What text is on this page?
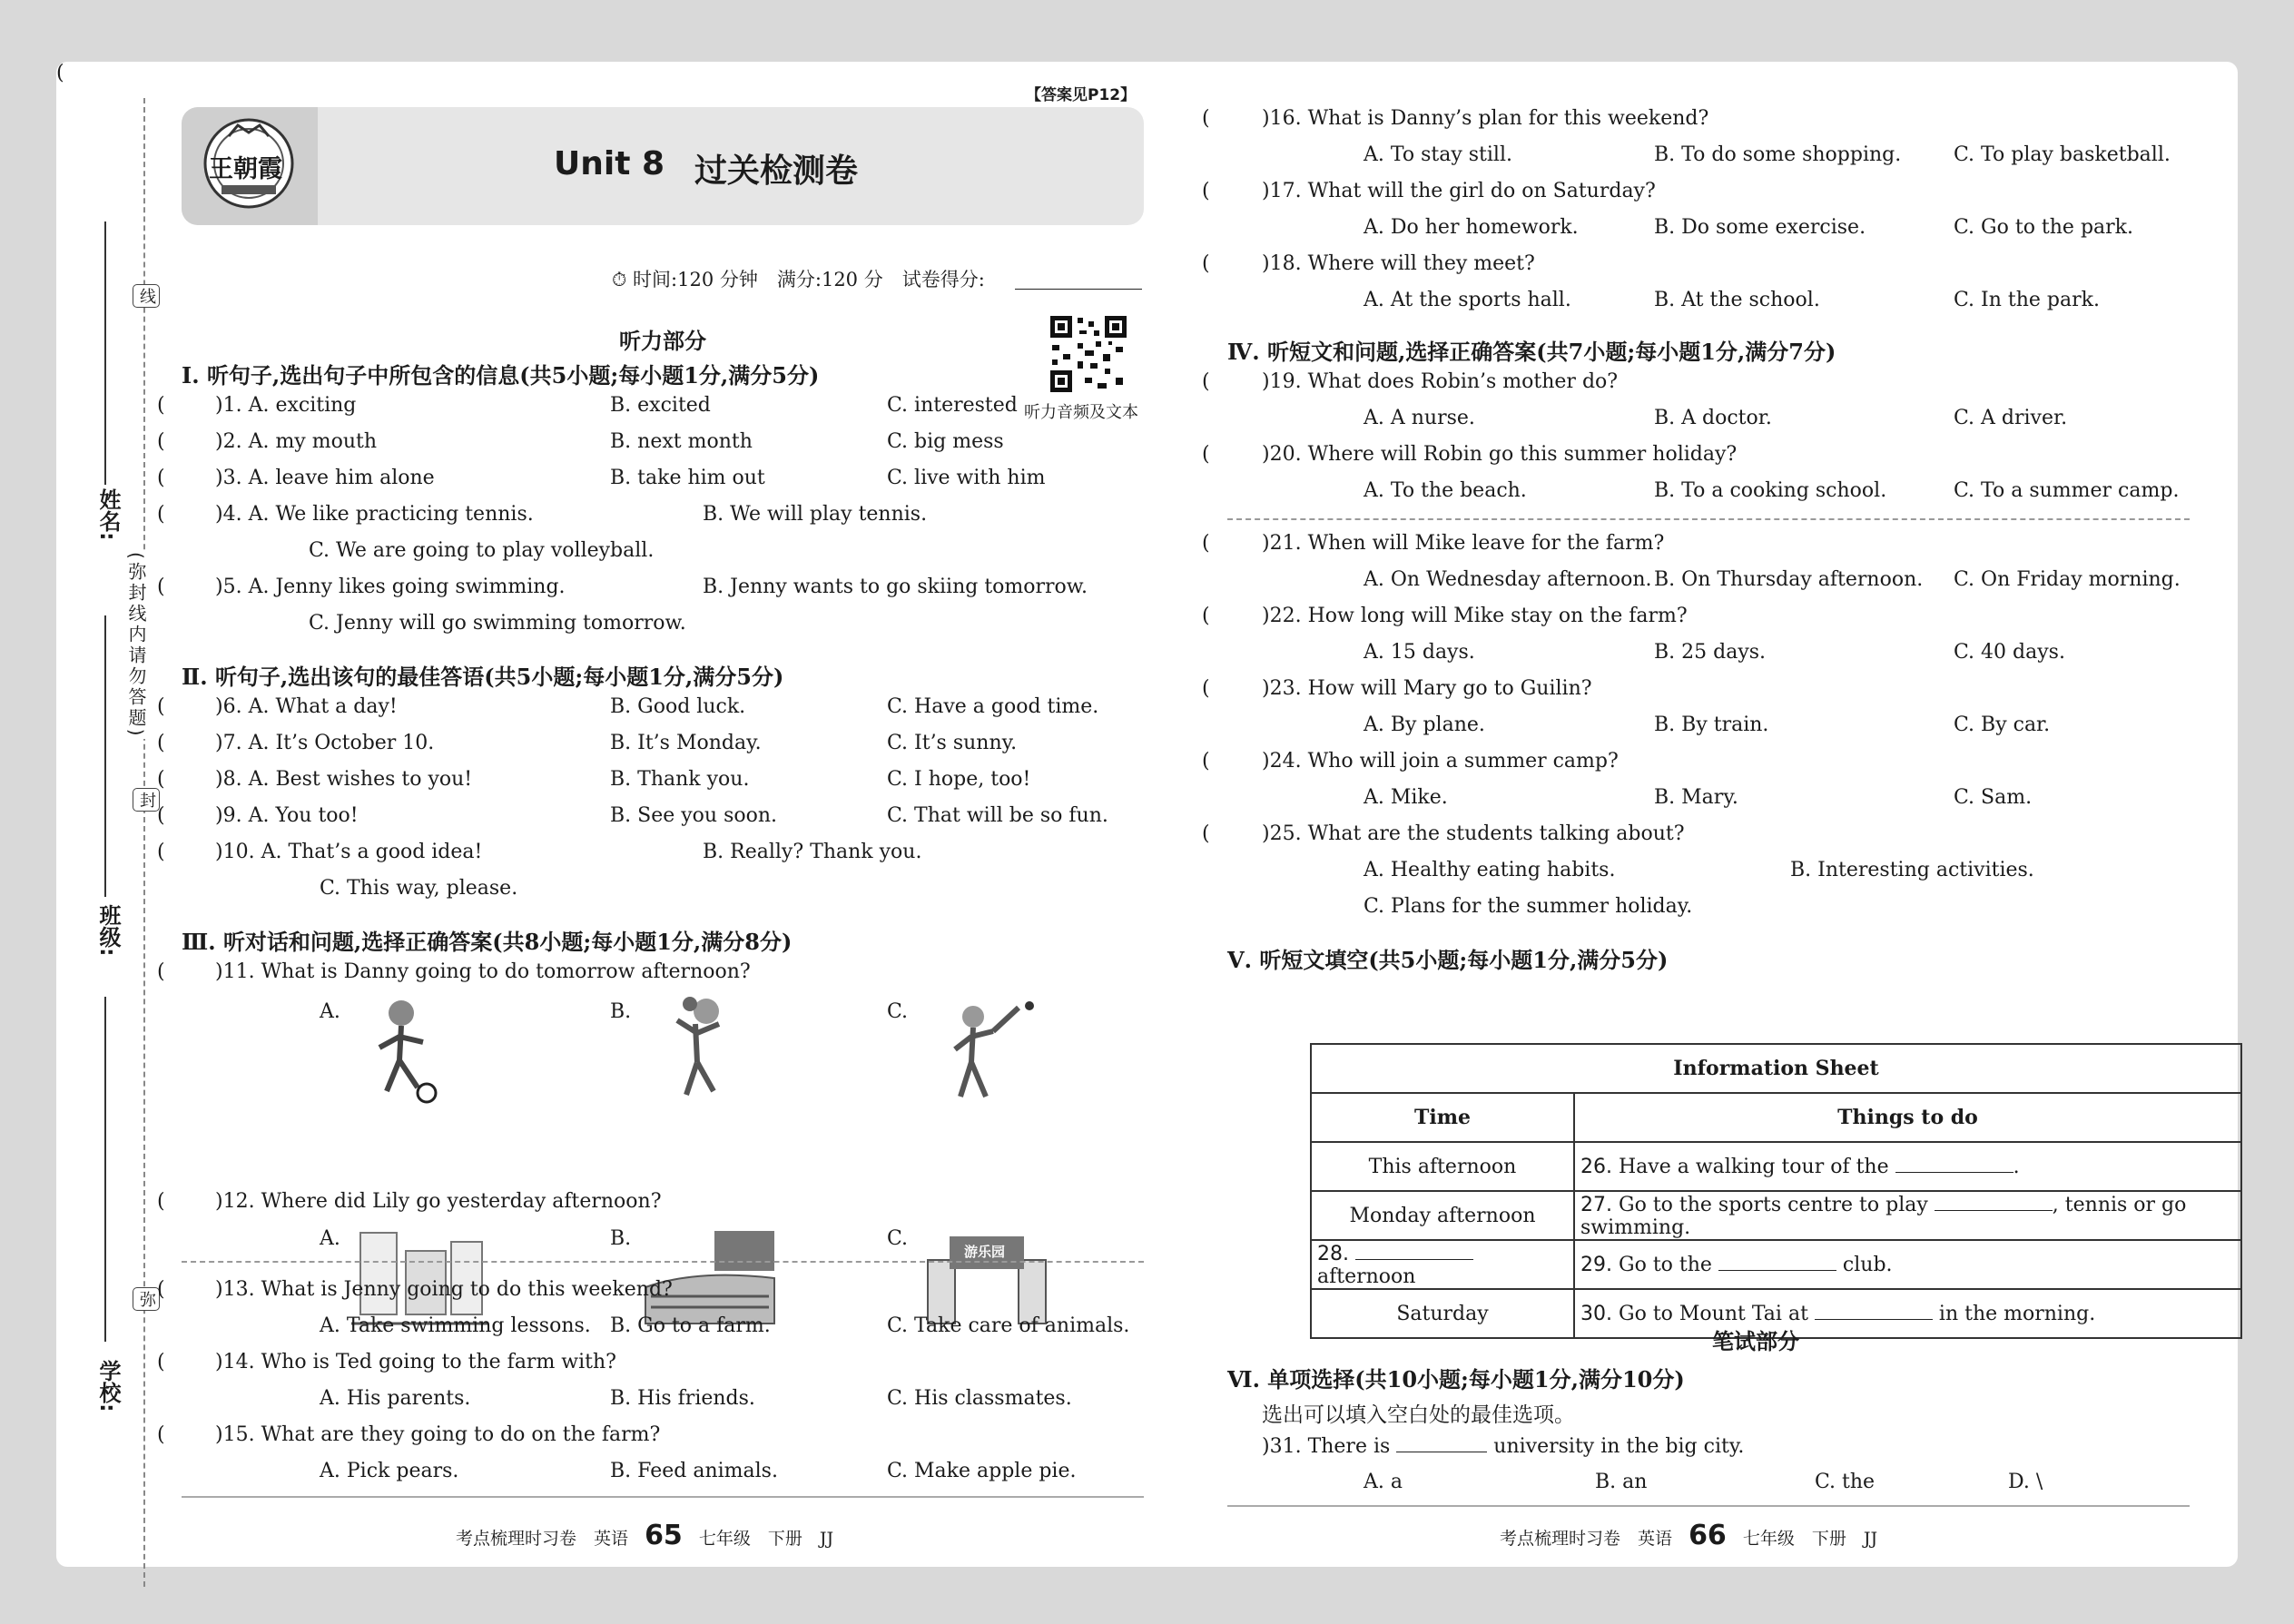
学校:
班级:
姓名:
(弥封线内请勿答题)
线
封
弥
【答案见P12】
王朝霞	Unit 8 过关检测卷
⏱ 时间:120 分钟　满分:120 分　试卷得分:
听力音频及文本
听力部分
Ⅰ. 听句子,选出句子中所包含的信息(共5小题;每小题1分,满分5分)
)1. A. exciting	B. excited	C. interested
)2. A. my mouth	B. next month	C. big mess
)3. A. leave him alone	B. take him out	C. live with him
)4. A. We like practicing tennis.	B. We will play tennis.
C. We are going to play volleyball.
)5. A. Jenny likes going swimming.	B. Jenny wants to go skiing tomorrow.
C. Jenny will go swimming tomorrow.
Ⅱ. 听句子,选出该句的最佳答语(共5小题;每小题1分,满分5分)
)6. A. What a day!	B. Good luck.	C. Have a good time.
)7. A. It’s October 10.	B. It’s Monday.	C. It’s sunny.
)8. A. Best wishes to you!	B. Thank you.	C. I hope, too!
)9. A. You too!	B. See you soon.	C. That will be so fun.
)10. A. That’s a good idea!	B. Really? Thank you.
C. This way, please.
Ⅲ. 听对话和问题,选择正确答案(共8小题;每小题1分,满分8分)
)11. What is Danny going to do tomorrow afternoon?
A.	B.	C.
)12. Where did Lily go yesterday afternoon?
A.	B.	C.
游乐园
)13. What is Jenny going to do this weekend?
A. Take swimming lessons. B. Go to a farm.	C. Take care of animals.
)14. Who is Ted going to the farm with?
A. His parents.	B. His friends.	C. His classmates.
)15. What are they going to do on the farm?
A. Pick pears.	B. Feed animals.	C. Make apple pie.
考点梳理时习卷　英语 65 七年级　下册　JJ
)16. What is Danny’s plan for this weekend?
A. To stay still.	B. To do some shopping.	C. To play basketball.
)17. What will the girl do on Saturday?
A. Do her homework.	B. Do some exercise.	C. Go to the park.
)18. Where will they meet?
A. At the sports hall.	B. At the school.	C. In the park.
Ⅳ. 听短文和问题,选择正确答案(共7小题;每小题1分,满分7分)
)19. What does Robin’s mother do?
A. A nurse.	B. A doctor.	C. A driver.
)20. Where will Robin go this summer holiday?
A. To the beach.	B. To a cooking school.	C. To a summer camp.
)21. When will Mike leave for the farm?
A. On Wednesday afternoon. B. On Thursday afternoon. C. On Friday morning.
)22. How long will Mike stay on the farm?
A. 15 days.	B. 25 days.	C. 40 days.
)23. How will Mary go to Guilin?
A. By plane.	B. By train.	C. By car.
)24. Who will join a summer camp?
A. Mike.	B. Mary.	C. Sam.
)25. What are the students talking about?
A. Healthy eating habits.	B. Interesting activities.
C. Plans for the summer holiday.
Ⅴ. 听短文填空(共5小题;每小题1分,满分5分)
Information Sheet	
Time	Things to do
This afternoon	26. Have a walking tour of the .
Monday afternoon	27. Go to the sports centre to play , tennis or go swimming.
28.  afternoon	29. Go to the club.
Saturday	30. Go to Mount Tai at in the morning.
笔试部分
Ⅵ. 单项选择(共10小题;每小题1分,满分10分)
选出可以填入空白处的最佳选项。
)31. There is	university in the big city.
A. a	B. an	C. the	D. \
考点梳理时习卷　英语 66 七年级　下册　JJ
(
(
(
(
(
(
(
(
(
(
(
(
(
(
(
(
(
(
(
(
(
(
(
(
(
(
